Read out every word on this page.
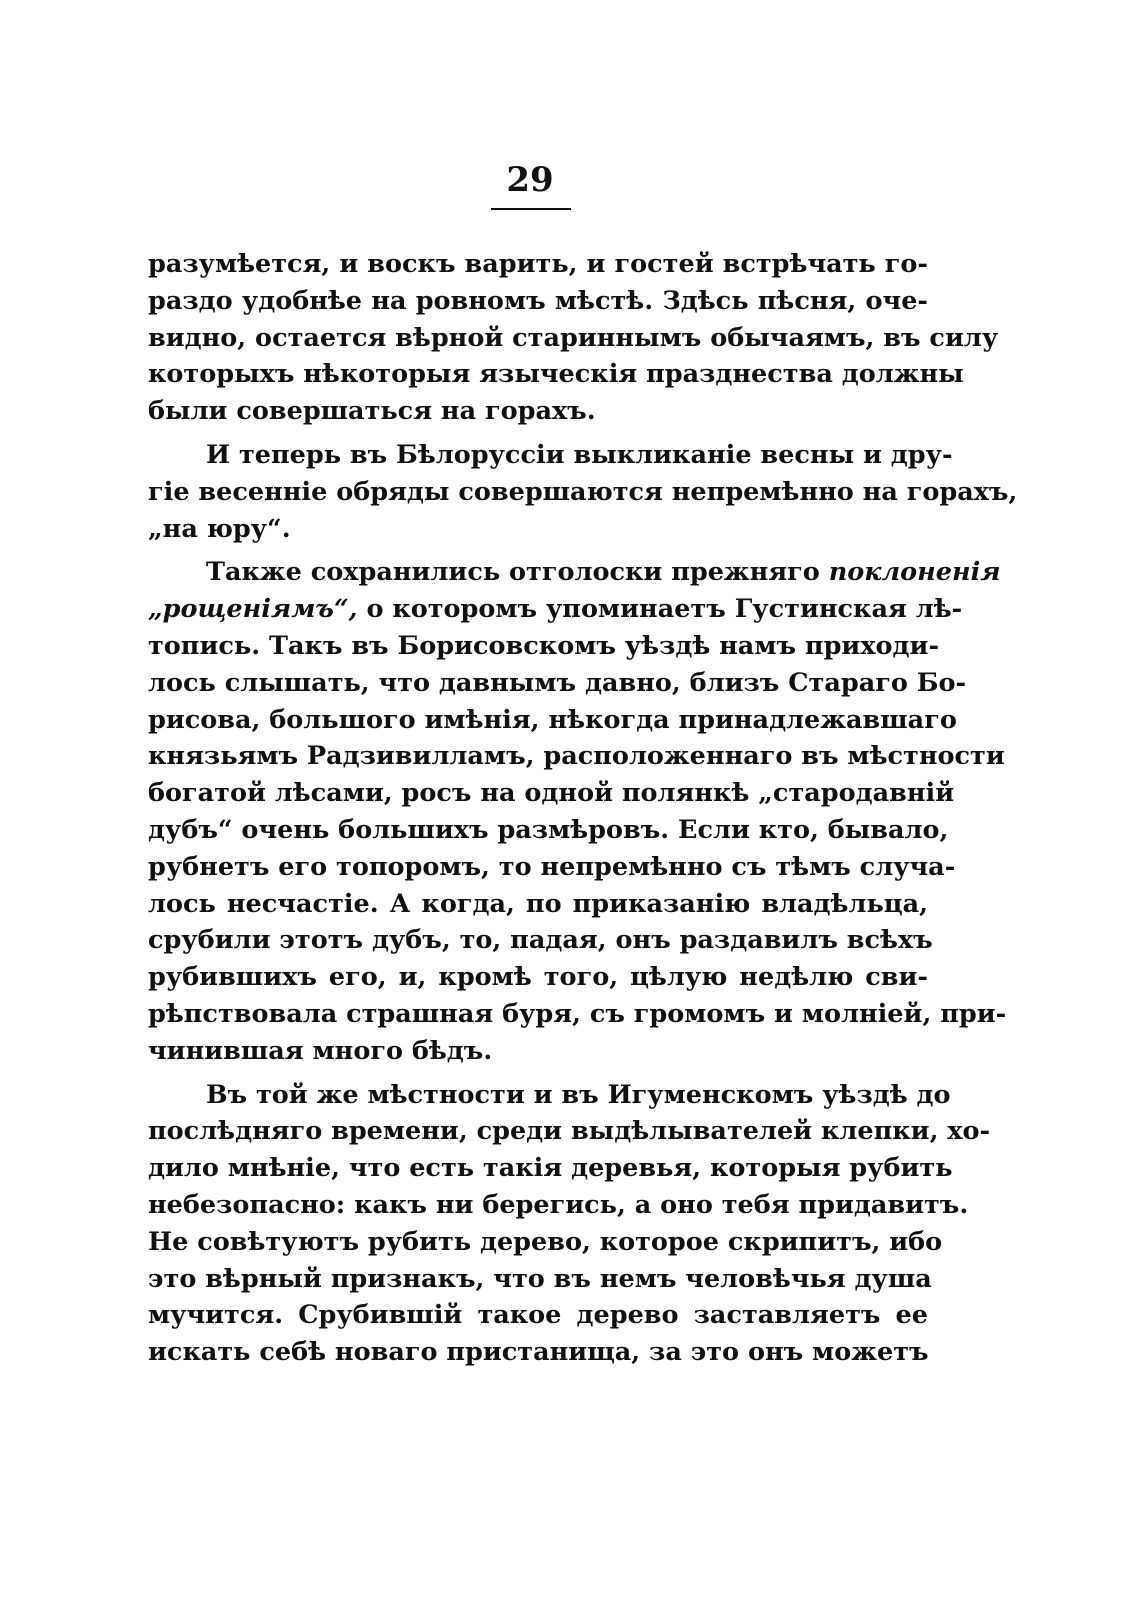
29
разумѣется, и воскъ варить, и гостей встрѣчать го-
раздо удобнѣе на ровномъ мѣстѣ. Здѣсь пѣсня, оче-
видно, остается вѣрной стариннымъ обычаямъ, въ силу
которыхъ нѣкоторыя языческія празднества должны
были совершаться на горахъ.
И теперь въ Бѣлоруссіи выкликаніе весны и дру-
гіе весенніе обряды совершаются непремѣнно на горахъ,
„на юру“.
Также сохранились отголоски прежняго поклоненія
„рощеніямъ“, о которомъ упоминаетъ Густинская лѣ-
топись. Такъ въ Борисовскомъ уѣздѣ намъ приходи-
лось слышать, что давнымъ давно, близъ Стараго Бо-
рисова, большого имѣнія, нѣкогда принадлежавшаго
князьямъ Радзивилламъ, расположеннаго въ мѣстности
богатой лѣсами, росъ на одной полянкѣ „стародавній
дубъ“ очень большихъ размѣровъ. Если кто, бывало,
рубнетъ его топоромъ, то непремѣнно съ тѣмъ случа-
лось несчастіе. А когда, по приказанію владѣльца,
срубили этотъ дубъ, то, падая, онъ раздавилъ всѣхъ
рубившихъ его, и, кромѣ того, цѣлую недѣлю сви-
рѣпствовала страшная буря, съ громомъ и молніей, при-
чинившая много бѣдъ.
Въ той же мѣстности и въ Игуменскомъ уѣздѣ до
послѣдняго времени, среди выдѣлывателей клепки, хо-
дило мнѣніе, что есть такія деревья, которыя рубить
небезопасно: какъ ни берегись, а оно тебя придавитъ.
Не совѣтуютъ рубить дерево, которое скрипитъ, ибо
это вѣрный признакъ, что въ немъ человѣчья душа
мучится. Срубившій такое дерево заставляетъ ее
искать себѣ новаго пристанища, за это онъ можетъ
